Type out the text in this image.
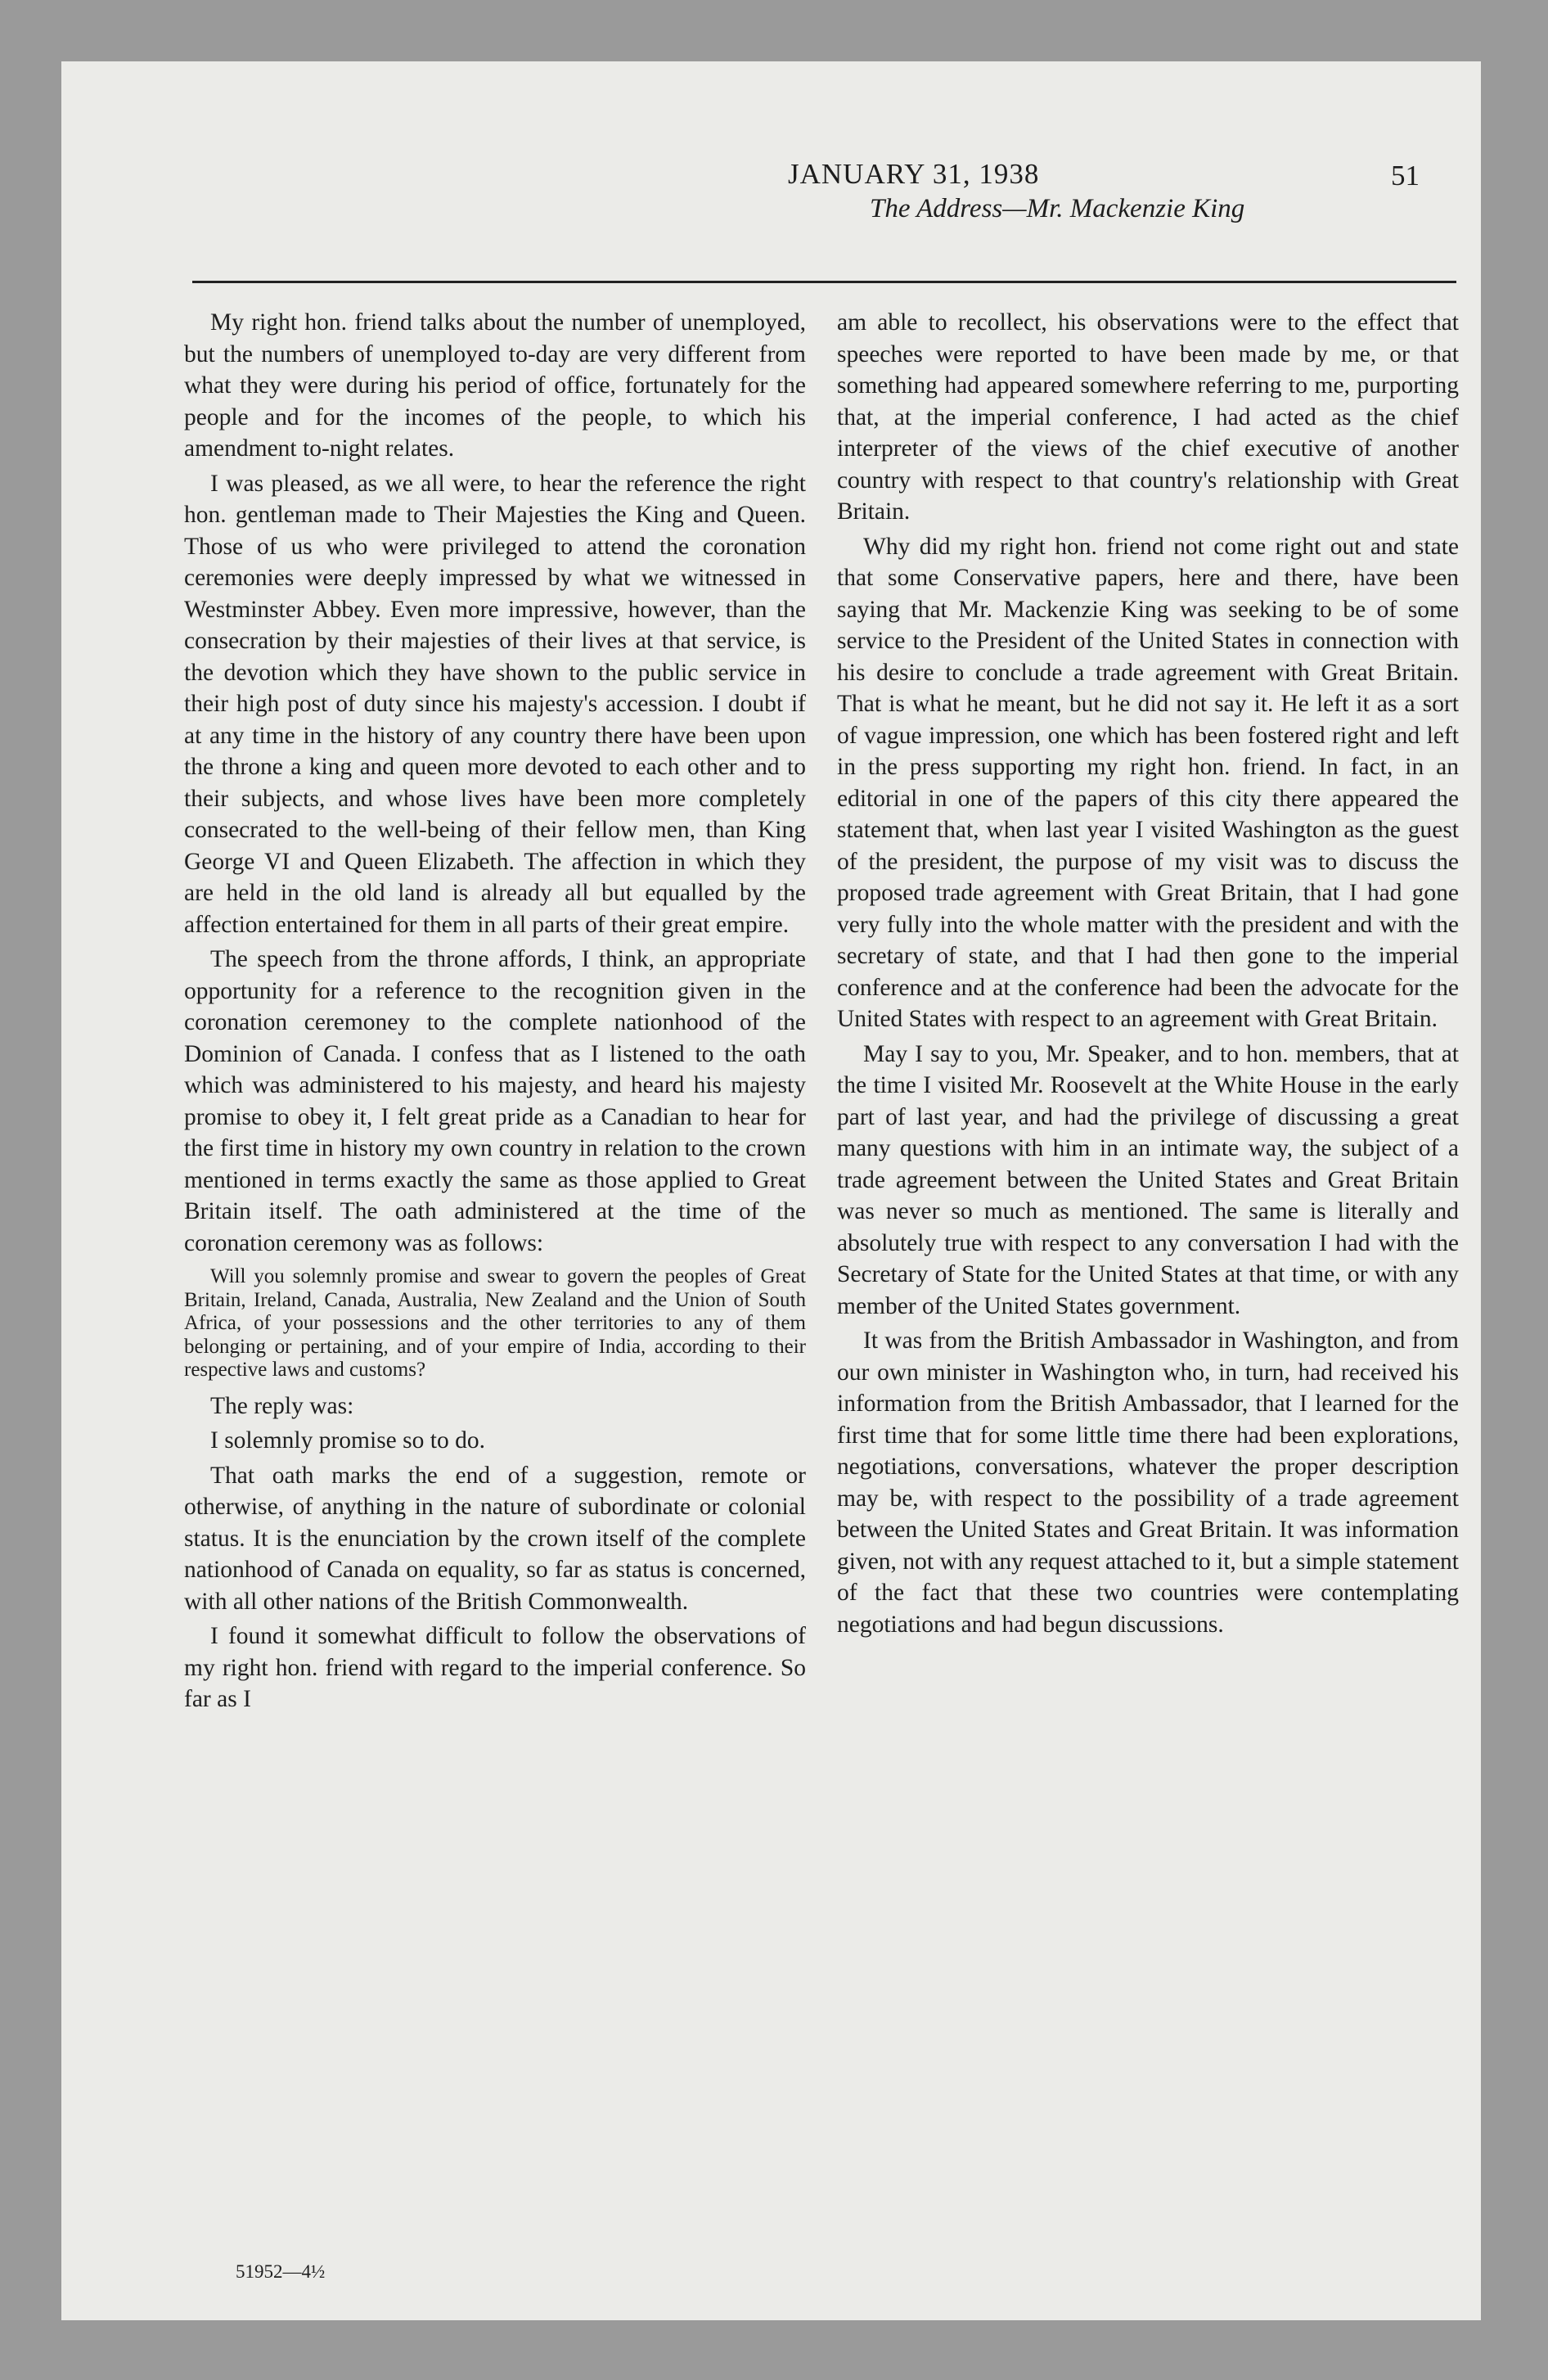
JANUARY 31, 1938	51
The Address—Mr. Mackenzie King

My right hon. friend talks about the number of unemployed, but the numbers of unemployed to-day are very different from what they were during his period of office, fortunately for the people and for the incomes of the people, to which his amendment to-night relates.

I was pleased, as we all were, to hear the reference the right hon. gentleman made to Their Majesties the King and Queen. Those of us who were privileged to attend the coronation ceremonies were deeply impressed by what we witnessed in Westminster Abbey. Even more impressive, however, than the consecration by their majesties of their lives at that service, is the devotion which they have shown to the public service in their high post of duty since his majesty's accession. I doubt if at any time in the history of any country there have been upon the throne a king and queen more devoted to each other and to their subjects, and whose lives have been more completely consecrated to the well-being of their fellow men, than King George VI and Queen Elizabeth. The affection in which they are held in the old land is already all but equalled by the affection entertained for them in all parts of their great empire.

The speech from the throne affords, I think, an appropriate opportunity for a reference to the recognition given in the coronation ceremoney to the complete nationhood of the Dominion of Canada. I confess that as I listened to the oath which was administered to his majesty, and heard his majesty promise to obey it, I felt great pride as a Canadian to hear for the first time in history my own country in relation to the crown mentioned in terms exactly the same as those applied to Great Britain itself. The oath administered at the time of the coronation ceremony was as follows:

Will you solemnly promise and swear to govern the peoples of Great Britain, Ireland, Canada, Australia, New Zealand and the Union of South Africa, of your possessions and the other territories to any of them belonging or pertaining, and of your empire of India, according to their respective laws and customs?

The reply was:

I solemnly promise so to do.

That oath marks the end of a suggestion, remote or otherwise, of anything in the nature of subordinate or colonial status. It is the enunciation by the crown itself of the complete nationhood of Canada on equality, so far as status is concerned, with all other nations of the British Commonwealth.

I found it somewhat difficult to follow the observations of my right hon. friend with regard to the imperial conference. So far as I

am able to recollect, his observations were to the effect that speeches were reported to have been made by me, or that something had appeared somewhere referring to me, purporting that, at the imperial conference, I had acted as the chief interpreter of the views of the chief executive of another country with respect to that country's relationship with Great Britain.

Why did my right hon. friend not come right out and state that some Conservative papers, here and there, have been saying that Mr. Mackenzie King was seeking to be of some service to the President of the United States in connection with his desire to conclude a trade agreement with Great Britain. That is what he meant, but he did not say it. He left it as a sort of vague impression, one which has been fostered right and left in the press supporting my right hon. friend. In fact, in an editorial in one of the papers of this city there appeared the statement that, when last year I visited Washington as the guest of the president, the purpose of my visit was to discuss the proposed trade agreement with Great Britain, that I had gone very fully into the whole matter with the president and with the secretary of state, and that I had then gone to the imperial conference and at the conference had been the advocate for the United States with respect to an agreement with Great Britain.

May I say to you, Mr. Speaker, and to hon. members, that at the time I visited Mr. Roosevelt at the White House in the early part of last year, and had the privilege of discussing a great many questions with him in an intimate way, the subject of a trade agreement between the United States and Great Britain was never so much as mentioned. The same is literally and absolutely true with respect to any conversation I had with the Secretary of State for the United States at that time, or with any member of the United States government.

It was from the British Ambassador in Washington, and from our own minister in Washington who, in turn, had received his information from the British Ambassador, that I learned for the first time that for some little time there had been explorations, negotiations, conversations, whatever the proper description may be, with respect to the possibility of a trade agreement between the United States and Great Britain. It was information given, not with any request attached to it, but a simple statement of the fact that these two countries were contemplating negotiations and had begun discussions.

51952—4½
